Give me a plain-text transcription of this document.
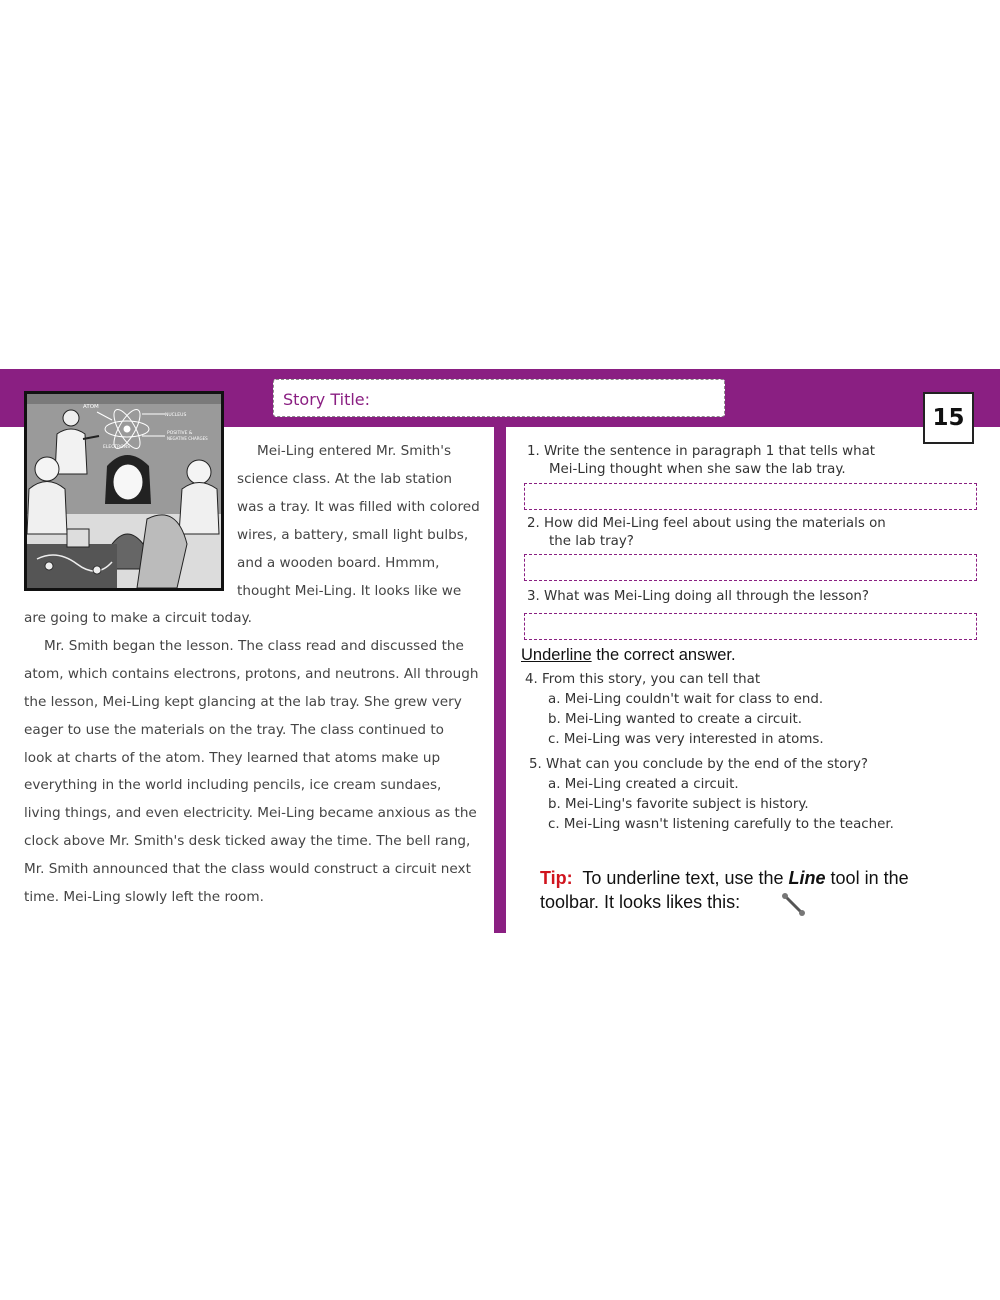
Story Title:
15
ATOM
NUCLEUS
POSITIVE &
NEGATIVE CHARGES
ELECTRONS	Mei-Ling entered Mr. Smith's
science class. At the lab station
was a tray. It was filled with colored
wires, a battery, small light bulbs,
and a wooden board. Hmmm,
thought Mei-Ling. It looks like we
are going to make a circuit today.
Mr. Smith began the lesson. The class read and discussed the
atom, which contains electrons, protons, and neutrons. All through
the lesson, Mei-Ling kept glancing at the lab tray. She grew very
eager to use the materials on the tray. The class continued to
look at charts of the atom. They learned that atoms make up
everything in the world including pencils, ice cream sundaes,
living things, and even electricity. Mei-Ling became anxious as the
clock above Mr. Smith's desk ticked away the time. The bell rang,
Mr. Smith announced that the class would construct a circuit next
time. Mei-Ling slowly left the room.
1. Write the sentence in paragraph 1 that tells what
Mei-Ling thought when she saw the lab tray.
2. How did Mei-Ling feel about using the materials on
the lab tray?
3. What was Mei-Ling doing all through the lesson?
Underline the correct answer.
4. From this story, you can tell that
a. Mei-Ling couldn't wait for class to end.
b. Mei-Ling wanted to create a circuit.
c. Mei-Ling was very interested in atoms.
5. What can you conclude by the end of the story?
a. Mei-Ling created a circuit.
b. Mei-Ling's favorite subject is history.
c. Mei-Ling wasn't listening carefully to the teacher.
Tip: To underline text, use the Line tool in the
toolbar. It looks likes this:
